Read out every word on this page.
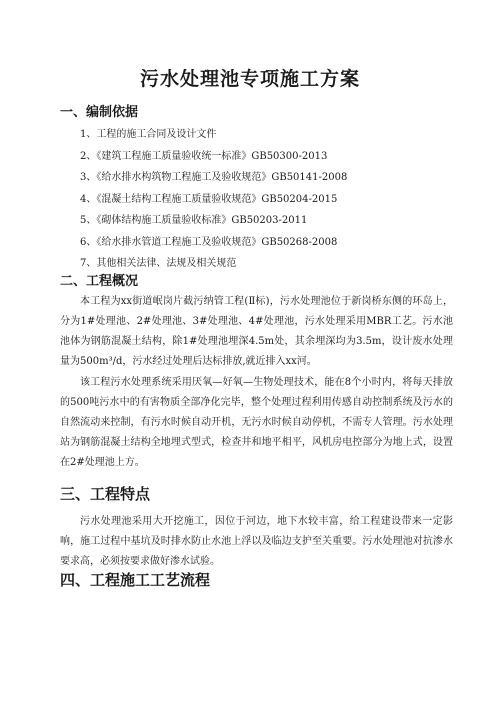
污水处理池专项施工方案
一、编制依据
1、工程的施工合同及设计文件
2、《建筑工程施工质量验收统一标准》GB50300-2013
3、《给水排水构筑物工程施工及验收规范》GB50141-2008
4、《混凝土结构工程施工质量验收规范》GB50204-2015
5、《砌体结构施工质量验收标准》GB50203-2011
6、《给水排水管道工程施工及验收规范》GB50268-2008
7、其他相关法律、法规及相关规范
二、工程概况

本工程为xx街道岷岗片截污纳管工程(Ⅱ标)，污水处理池位于新岗桥东侧的环岛上，分为1#处理池、2#处理池、3#处理池、4#处理池，污水处理采用MBR工艺。污水池池体为钢筋混凝土结构，除1#处理池埋深4.5m处，其余埋深均为3.5m，设计废水处理量为500m³/d，污水经过处理后达标排放,就近排入xx河。

该工程污水处理系统采用厌氧—好氧—生物处理技术，能在8个小时内，将每天排放的500吨污水中的有害物质全部净化完毕，整个处理过程利用传感自动控制系统及污水的自然流动来控制，有污水时候自动开机，无污水时候自动停机，不需专人管理。污水处理站为钢筋混凝土结构全地埋式型式，检查井和地平相平，风机房电控部分为地上式，设置在2#处理池上方。

三、工程特点

污水处理池采用大开挖施工，因位于河边，地下水较丰富，给工程建设带来一定影响，施工过程中基坑及时排水防止水池上浮以及临边支护至关重要。污水处理池对抗渗水要求高，必须按要求做好渗水试验。

四、工程施工工艺流程
